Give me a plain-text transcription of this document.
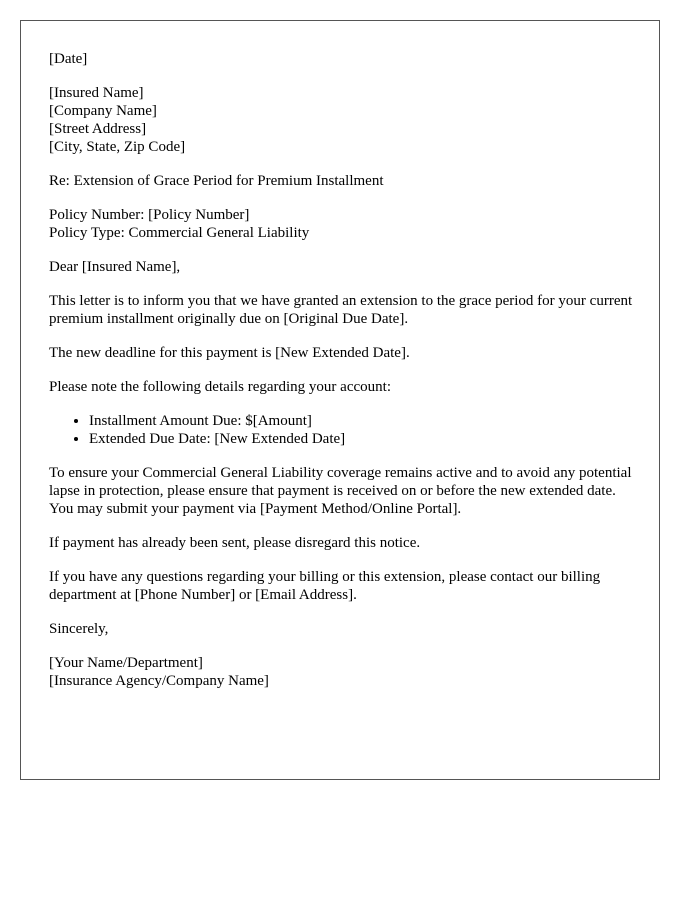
[Date]
[Insured Name]
[Company Name]
[Street Address]
[City, State, Zip Code]
Re: Extension of Grace Period for Premium Installment
Policy Number: [Policy Number]
Policy Type: Commercial General Liability
Dear [Insured Name],

This letter is to inform you that we have granted an extension to the grace period for your current premium installment originally due on [Original Due Date].

The new deadline for this payment is [New Extended Date].

Please note the following details regarding your account:

• Installment Amount Due: $[Amount]
• Extended Due Date: [New Extended Date]

To ensure your Commercial General Liability coverage remains active and to avoid any potential lapse in protection, please ensure that payment is received on or before the new extended date. You may submit your payment via [Payment Method/Online Portal].

If payment has already been sent, please disregard this notice.

If you have any questions regarding your billing or this extension, please contact our billing department at [Phone Number] or [Email Address].

Sincerely,
[Your Name/Department]
[Insurance Agency/Company Name]
